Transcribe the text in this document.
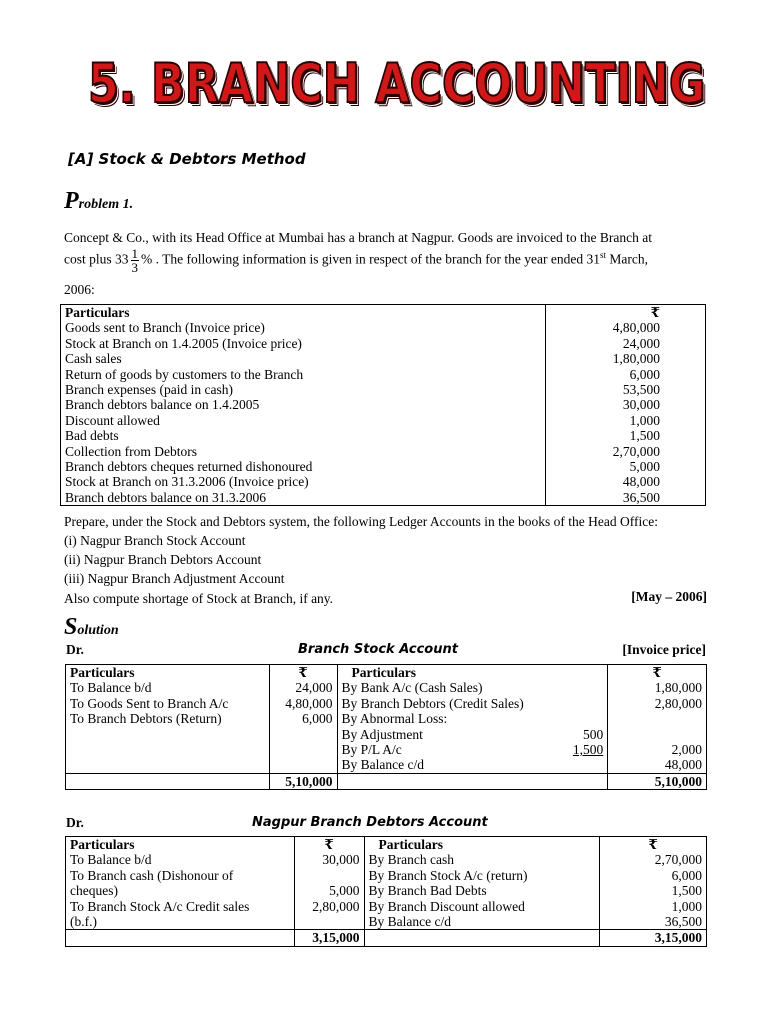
5. BRANCH ACCOUNTING
[A] Stock & Debtors Method
Problem 1.
Concept & Co., with its Head Office at Mumbai has a branch at Nagpur. Goods are invoiced to the Branch at
cost plus $33 \frac{1}{3}$ % . The following information is given in respect of the branch for the year ended 31st March,
2006:
Particulars	₹
Goods sent to Branch (Invoice price)	4,80,000
Stock at Branch on 1.4.2005 (Invoice price)	24,000
Cash sales	1,80,000
Return of goods by customers to the Branch	6,000
Branch expenses (paid in cash)	53,500
Branch debtors balance on 1.4.2005	30,000
Discount allowed	1,000
Bad debts	1,500
Collection from Debtors	2,70,000
Branch debtors cheques returned dishonoured	5,000
Stock at Branch on 31.3.2006 (Invoice price)	48,000
Branch debtors balance on 31.3.2006	36,500
Prepare, under the Stock and Debtors system, the following Ledger Accounts in the books of the Head Office:
(i) Nagpur Branch Stock Account
(ii) Nagpur Branch Debtors Account
(iii) Nagpur Branch Adjustment Account
Also compute shortage of Stock at Branch, if any.	[May – 2006]
Solution
Dr.	Branch Stock Account	[Invoice price]
Particulars	₹	Particulars		₹
To Balance b/d	24,000	By Bank A/c (Cash Sales)		1,80,000
To Goods Sent to Branch A/c	4,80,000	By Branch Debtors (Credit Sales)		2,80,000
To Branch Debtors (Return)	6,000	By Abnormal Loss:		
		By Adjustment	500	
		By P/L A/c	1,500	2,000
		By Balance c/d		48,000
	5,10,000			5,10,000
Dr.	Nagpur Branch Debtors Account
Particulars	₹	Particulars	₹
To Balance b/d	30,000	By Branch cash	2,70,000
To Branch cash (Dishonour of		By Branch Stock A/c (return)	6,000
cheques)	5,000	By Branch Bad Debts	1,500
To Branch Stock A/c Credit sales	2,80,000	By Branch Discount allowed	1,000
(b.f.)		By Balance c/d	36,500
	3,15,000		3,15,000
